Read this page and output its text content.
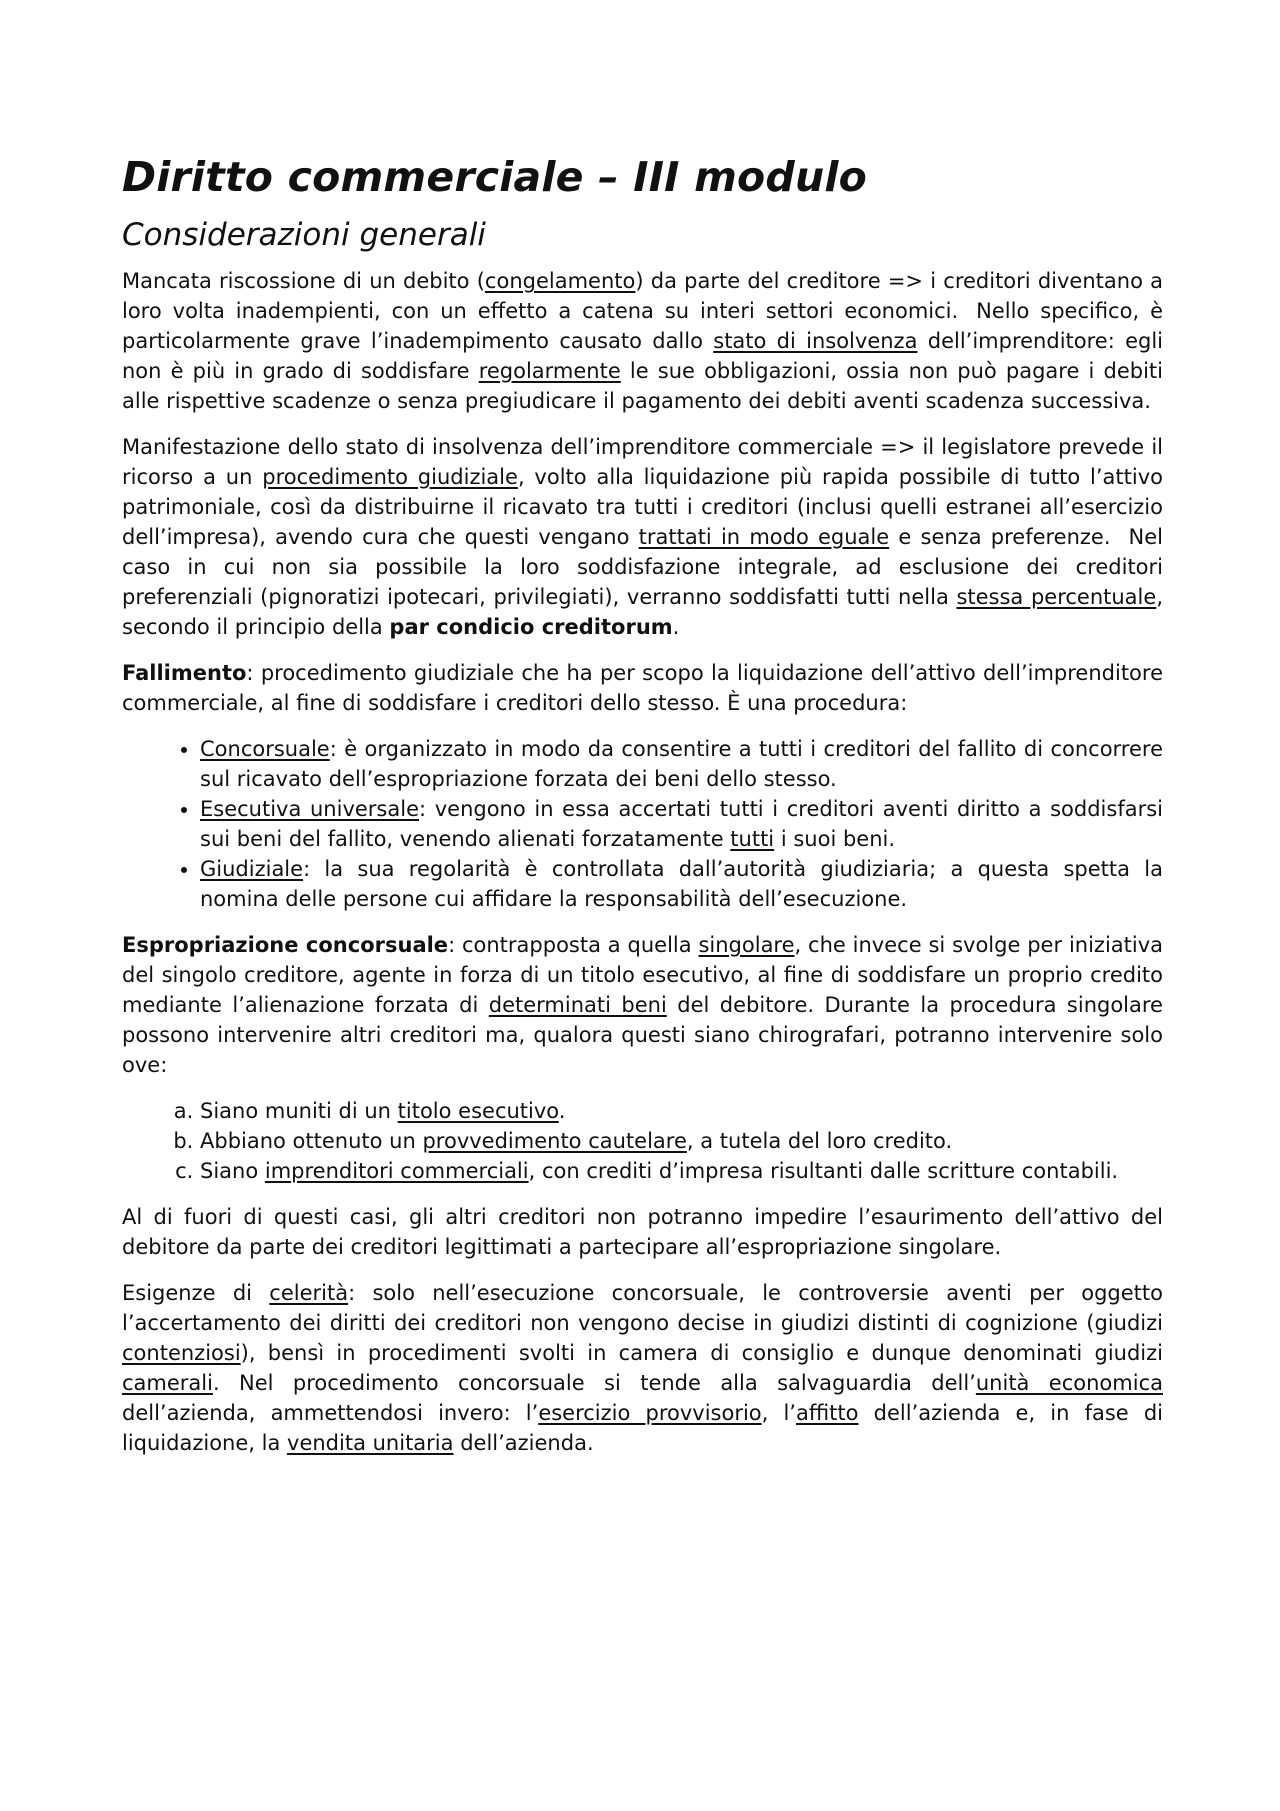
Diritto commerciale – III modulo
Considerazioni generali

Mancata riscossione di un debito (congelamento) da parte del creditore => i creditori diventano a loro volta inadempienti, con un effetto a catena su interi settori economici. Nello specifico, è particolarmente grave l’inadempimento causato dallo stato di insolvenza dell’imprenditore: egli non è più in grado di soddisfare regolarmente le sue obbligazioni, ossia non può pagare i debiti alle rispettive scadenze o senza pregiudicare il pagamento dei debiti aventi scadenza successiva.

Manifestazione dello stato di insolvenza dell’imprenditore commerciale => il legislatore prevede il ricorso a un procedimento giudiziale, volto alla liquidazione più rapida possibile di tutto l’attivo patrimoniale, così da distribuirne il ricavato tra tutti i creditori (inclusi quelli estranei all’esercizio dell’impresa), avendo cura che questi vengano trattati in modo eguale e senza preferenze. Nel caso in cui non sia possibile la loro soddisfazione integrale, ad esclusione dei creditori preferenziali (pignoratizi ipotecari, privilegiati), verranno soddisfatti tutti nella stessa percentuale, secondo il principio della par condicio creditorum.

Fallimento: procedimento giudiziale che ha per scopo la liquidazione dell’attivo dell’imprenditore commerciale, al fine di soddisfare i creditori dello stesso. È una procedura:

• Concorsuale: è organizzato in modo da consentire a tutti i creditori del fallito di concorrere sul ricavato dell’espropriazione forzata dei beni dello stesso.
• Esecutiva universale: vengono in essa accertati tutti i creditori aventi diritto a soddisfarsi sui beni del fallito, venendo alienati forzatamente tutti i suoi beni.
• Giudiziale: la sua regolarità è controllata dall’autorità giudiziaria; a questa spetta la nomina delle persone cui affidare la responsabilità dell’esecuzione.

Espropriazione concorsuale: contrapposta a quella singolare, che invece si svolge per iniziativa del singolo creditore, agente in forza di un titolo esecutivo, al fine di soddisfare un proprio credito mediante l’alienazione forzata di determinati beni del debitore. Durante la procedura singolare possono intervenire altri creditori ma, qualora questi siano chirografari, potranno intervenire solo ove:

a. Siano muniti di un titolo esecutivo.
b. Abbiano ottenuto un provvedimento cautelare, a tutela del loro credito.
c. Siano imprenditori commerciali, con crediti d’impresa risultanti dalle scritture contabili.

Al di fuori di questi casi, gli altri creditori non potranno impedire l’esaurimento dell’attivo del debitore da parte dei creditori legittimati a partecipare all’espropriazione singolare.

Esigenze di celerità: solo nell’esecuzione concorsuale, le controversie aventi per oggetto l’accertamento dei diritti dei creditori non vengono decise in giudizi distinti di cognizione (giudizi contenziosi), bensì in procedimenti svolti in camera di consiglio e dunque denominati giudizi camerali. Nel procedimento concorsuale si tende alla salvaguardia dell’unità economica dell’azienda, ammettendosi invero: l’esercizio provvisorio, l’affitto dell’azienda e, in fase di liquidazione, la vendita unitaria dell’azienda.
